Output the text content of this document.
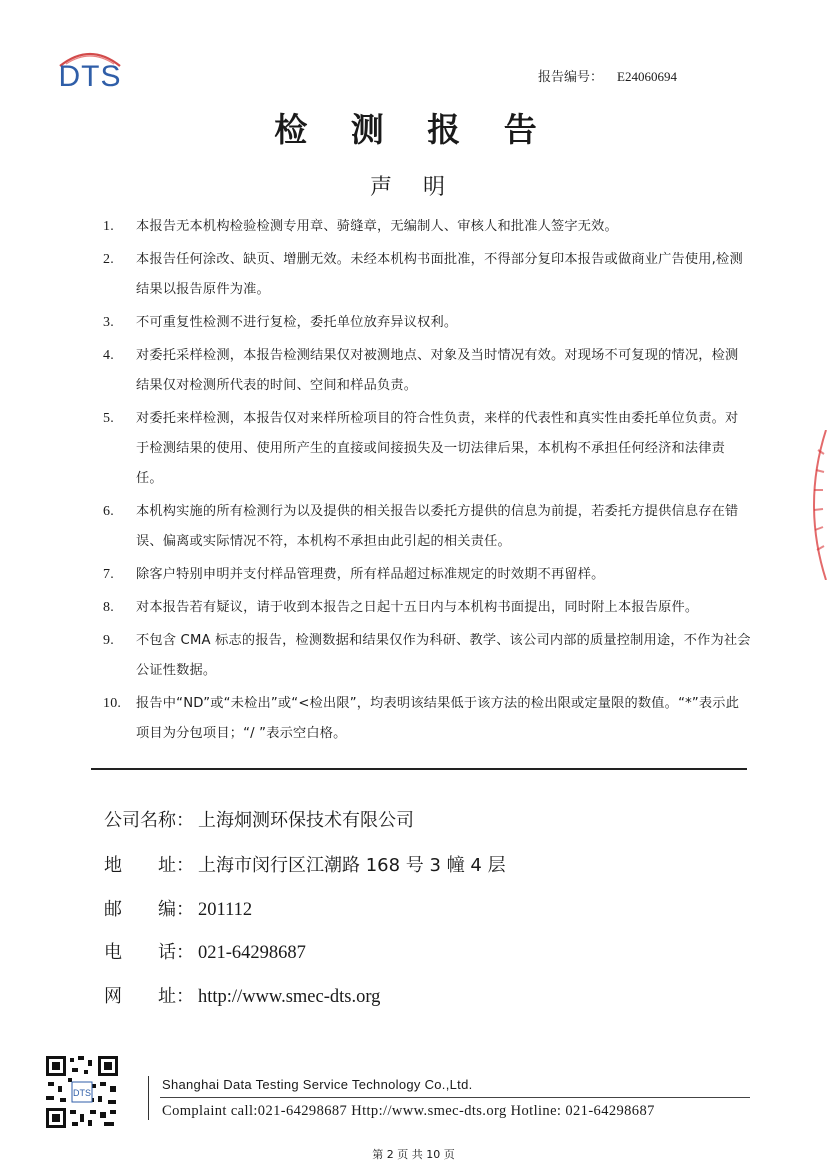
DTS	报告编号： E24060694
检 测 报 告
声 明
1. 本报告无本机构检验检测专用章、骑缝章，无编制人、审核人和批准人签字无效。
2. 本报告任何涂改、缺页、增删无效。未经本机构书面批准，不得部分复印本报告或做商业广告使用,检测结果以报告原件为准。
3. 不可重复性检测不进行复检，委托单位放弃异议权利。
4. 对委托采样检测，本报告检测结果仅对被测地点、对象及当时情况有效。对现场不可复现的情况，检测结果仅对检测所代表的时间、空间和样品负责。
5. 对委托来样检测，本报告仅对来样所检项目的符合性负责，来样的代表性和真实性由委托单位负责。对于检测结果的使用、使用所产生的直接或间接损失及一切法律后果，本机构不承担任何经济和法律责任。
6. 本机构实施的所有检测行为以及提供的相关报告以委托方提供的信息为前提，若委托方提供信息存在错误、偏离或实际情况不符，本机构不承担由此引起的相关责任。
7. 除客户特别申明并支付样品管理费，所有样品超过标准规定的时效期不再留样。
8. 对本报告若有疑议，请于收到本报告之日起十五日内与本机构书面提出，同时附上本报告原件。
9. 不包含 CMA 标志的报告，检测数据和结果仅作为科研、教学、该公司内部的质量控制用途，不作为社会公证性数据。
10. 报告中“ND”或“未检出”或“<检出限”，均表明该结果低于该方法的检出限或定量限的数值。“*”表示此项目为分包项目；“/ ”表示空白格。
公司名称： 上海炯测环保技术有限公司
地　　址： 上海市闵行区江潮路 168 号 3 幢 4 层
邮　　编： 201112
电　　话： 021-64298687
网　　址： http://www.smec-dts.org
DTS
Shanghai Data Testing Service Technology Co.,Ltd.
Complaint call:021-64298687 Http://www.smec-dts.org Hotline: 021-64298687
第 2 页 共 10 页
